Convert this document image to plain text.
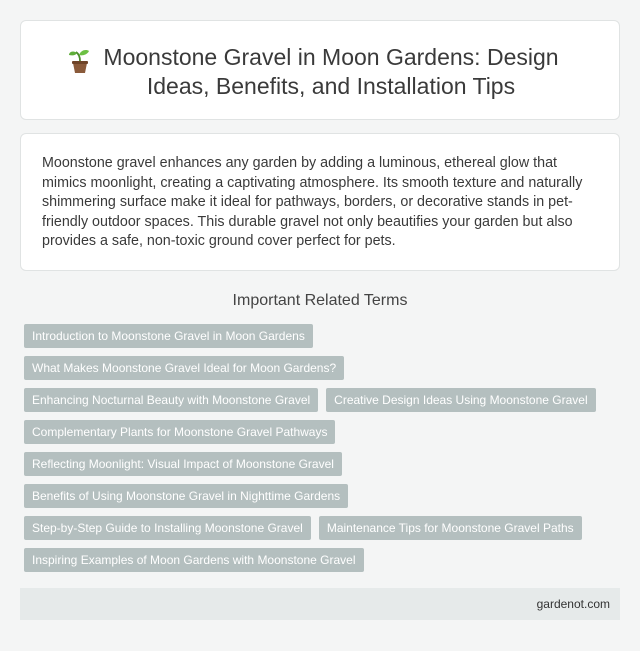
Moonstone Gravel in Moon Gardens: Design Ideas, Benefits, and Installation Tips

Moonstone gravel enhances any garden by adding a luminous, ethereal glow that mimics moonlight, creating a captivating atmosphere. Its smooth texture and naturally shimmering surface make it ideal for pathways, borders, or decorative stands in pet-friendly outdoor spaces. This durable gravel not only beautifies your garden but also provides a safe, non-toxic ground cover perfect for pets.

Important Related Terms
Introduction to Moonstone Gravel in Moon Gardens
What Makes Moonstone Gravel Ideal for Moon Gardens?
Enhancing Nocturnal Beauty with Moonstone Gravel	Creative Design Ideas Using Moonstone Gravel
Complementary Plants for Moonstone Gravel Pathways
Reflecting Moonlight: Visual Impact of Moonstone Gravel
Benefits of Using Moonstone Gravel in Nighttime Gardens
Step-by-Step Guide to Installing Moonstone Gravel	Maintenance Tips for Moonstone Gravel Paths
Inspiring Examples of Moon Gardens with Moonstone Gravel
gardenot.com
